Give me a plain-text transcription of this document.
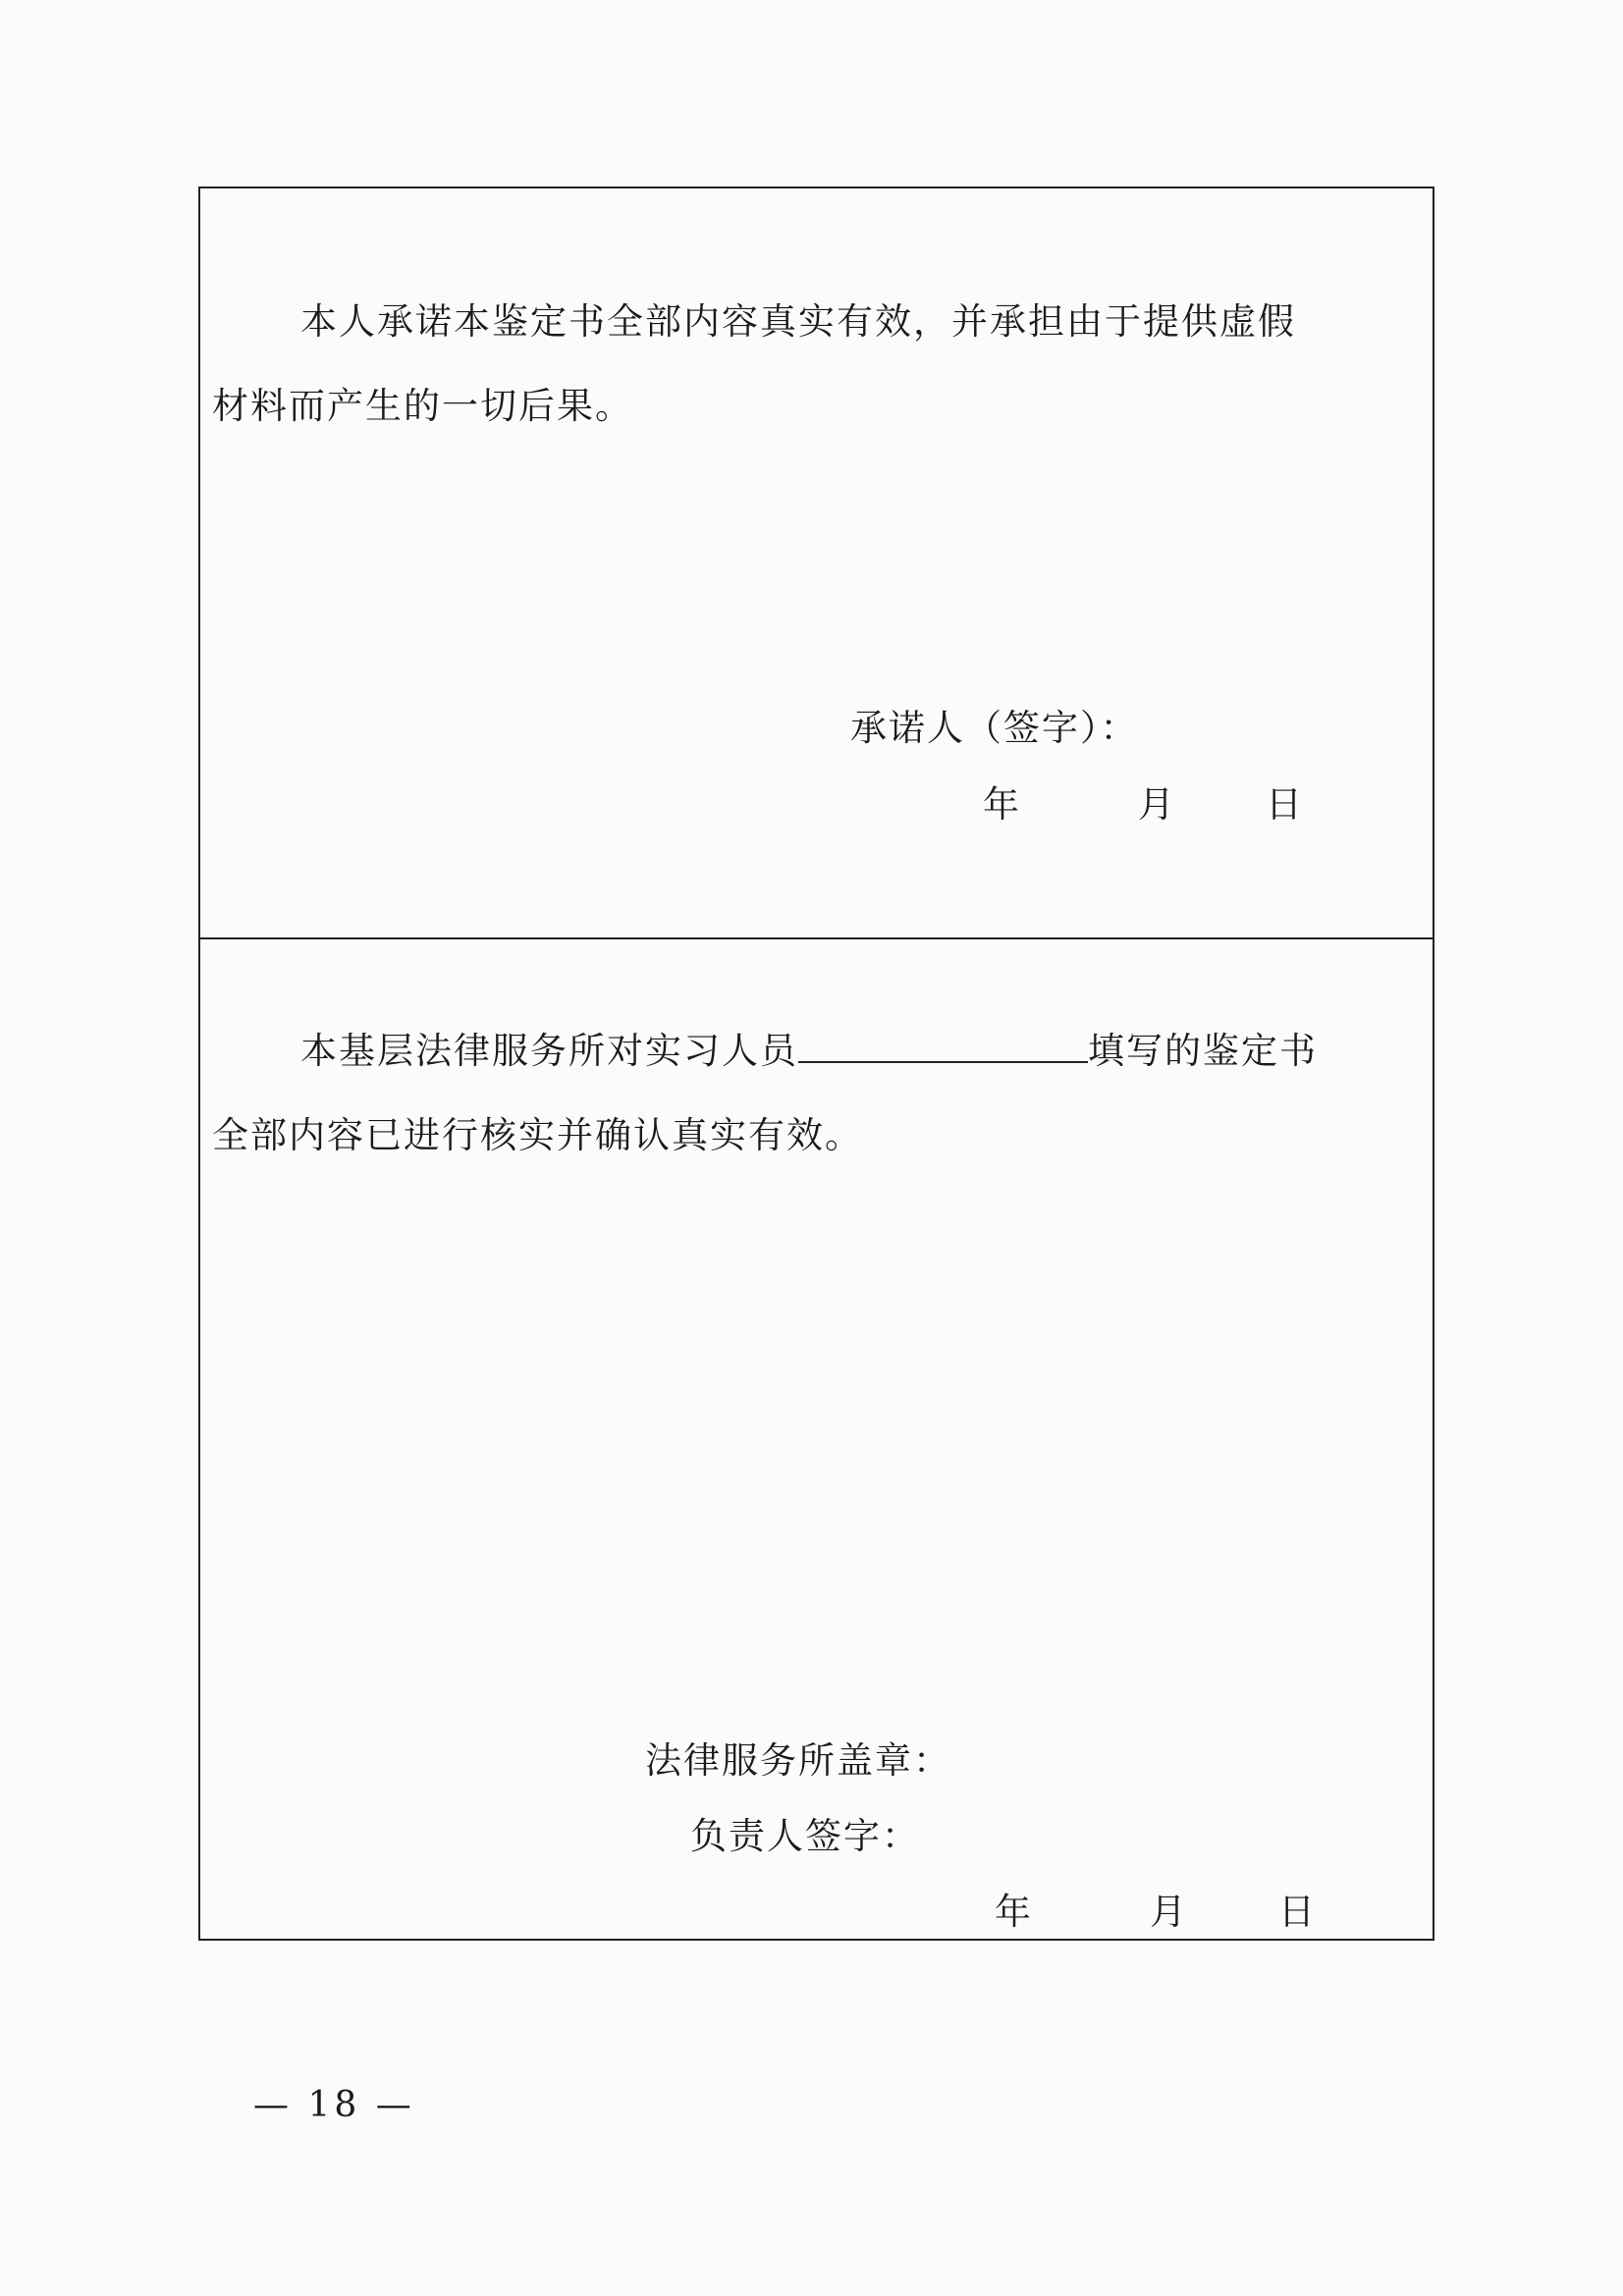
本人承诺本鉴定书全部内容真实有效，并承担由于提供虚假
材料而产生的一切后果。

承诺人（签字）：
年	月	日

本基层法律服务所对实习人员	填写的鉴定书
全部内容已进行核实并确认真实有效。

法律服务所盖章：
负责人签字：
年	月	日
— 18 —
